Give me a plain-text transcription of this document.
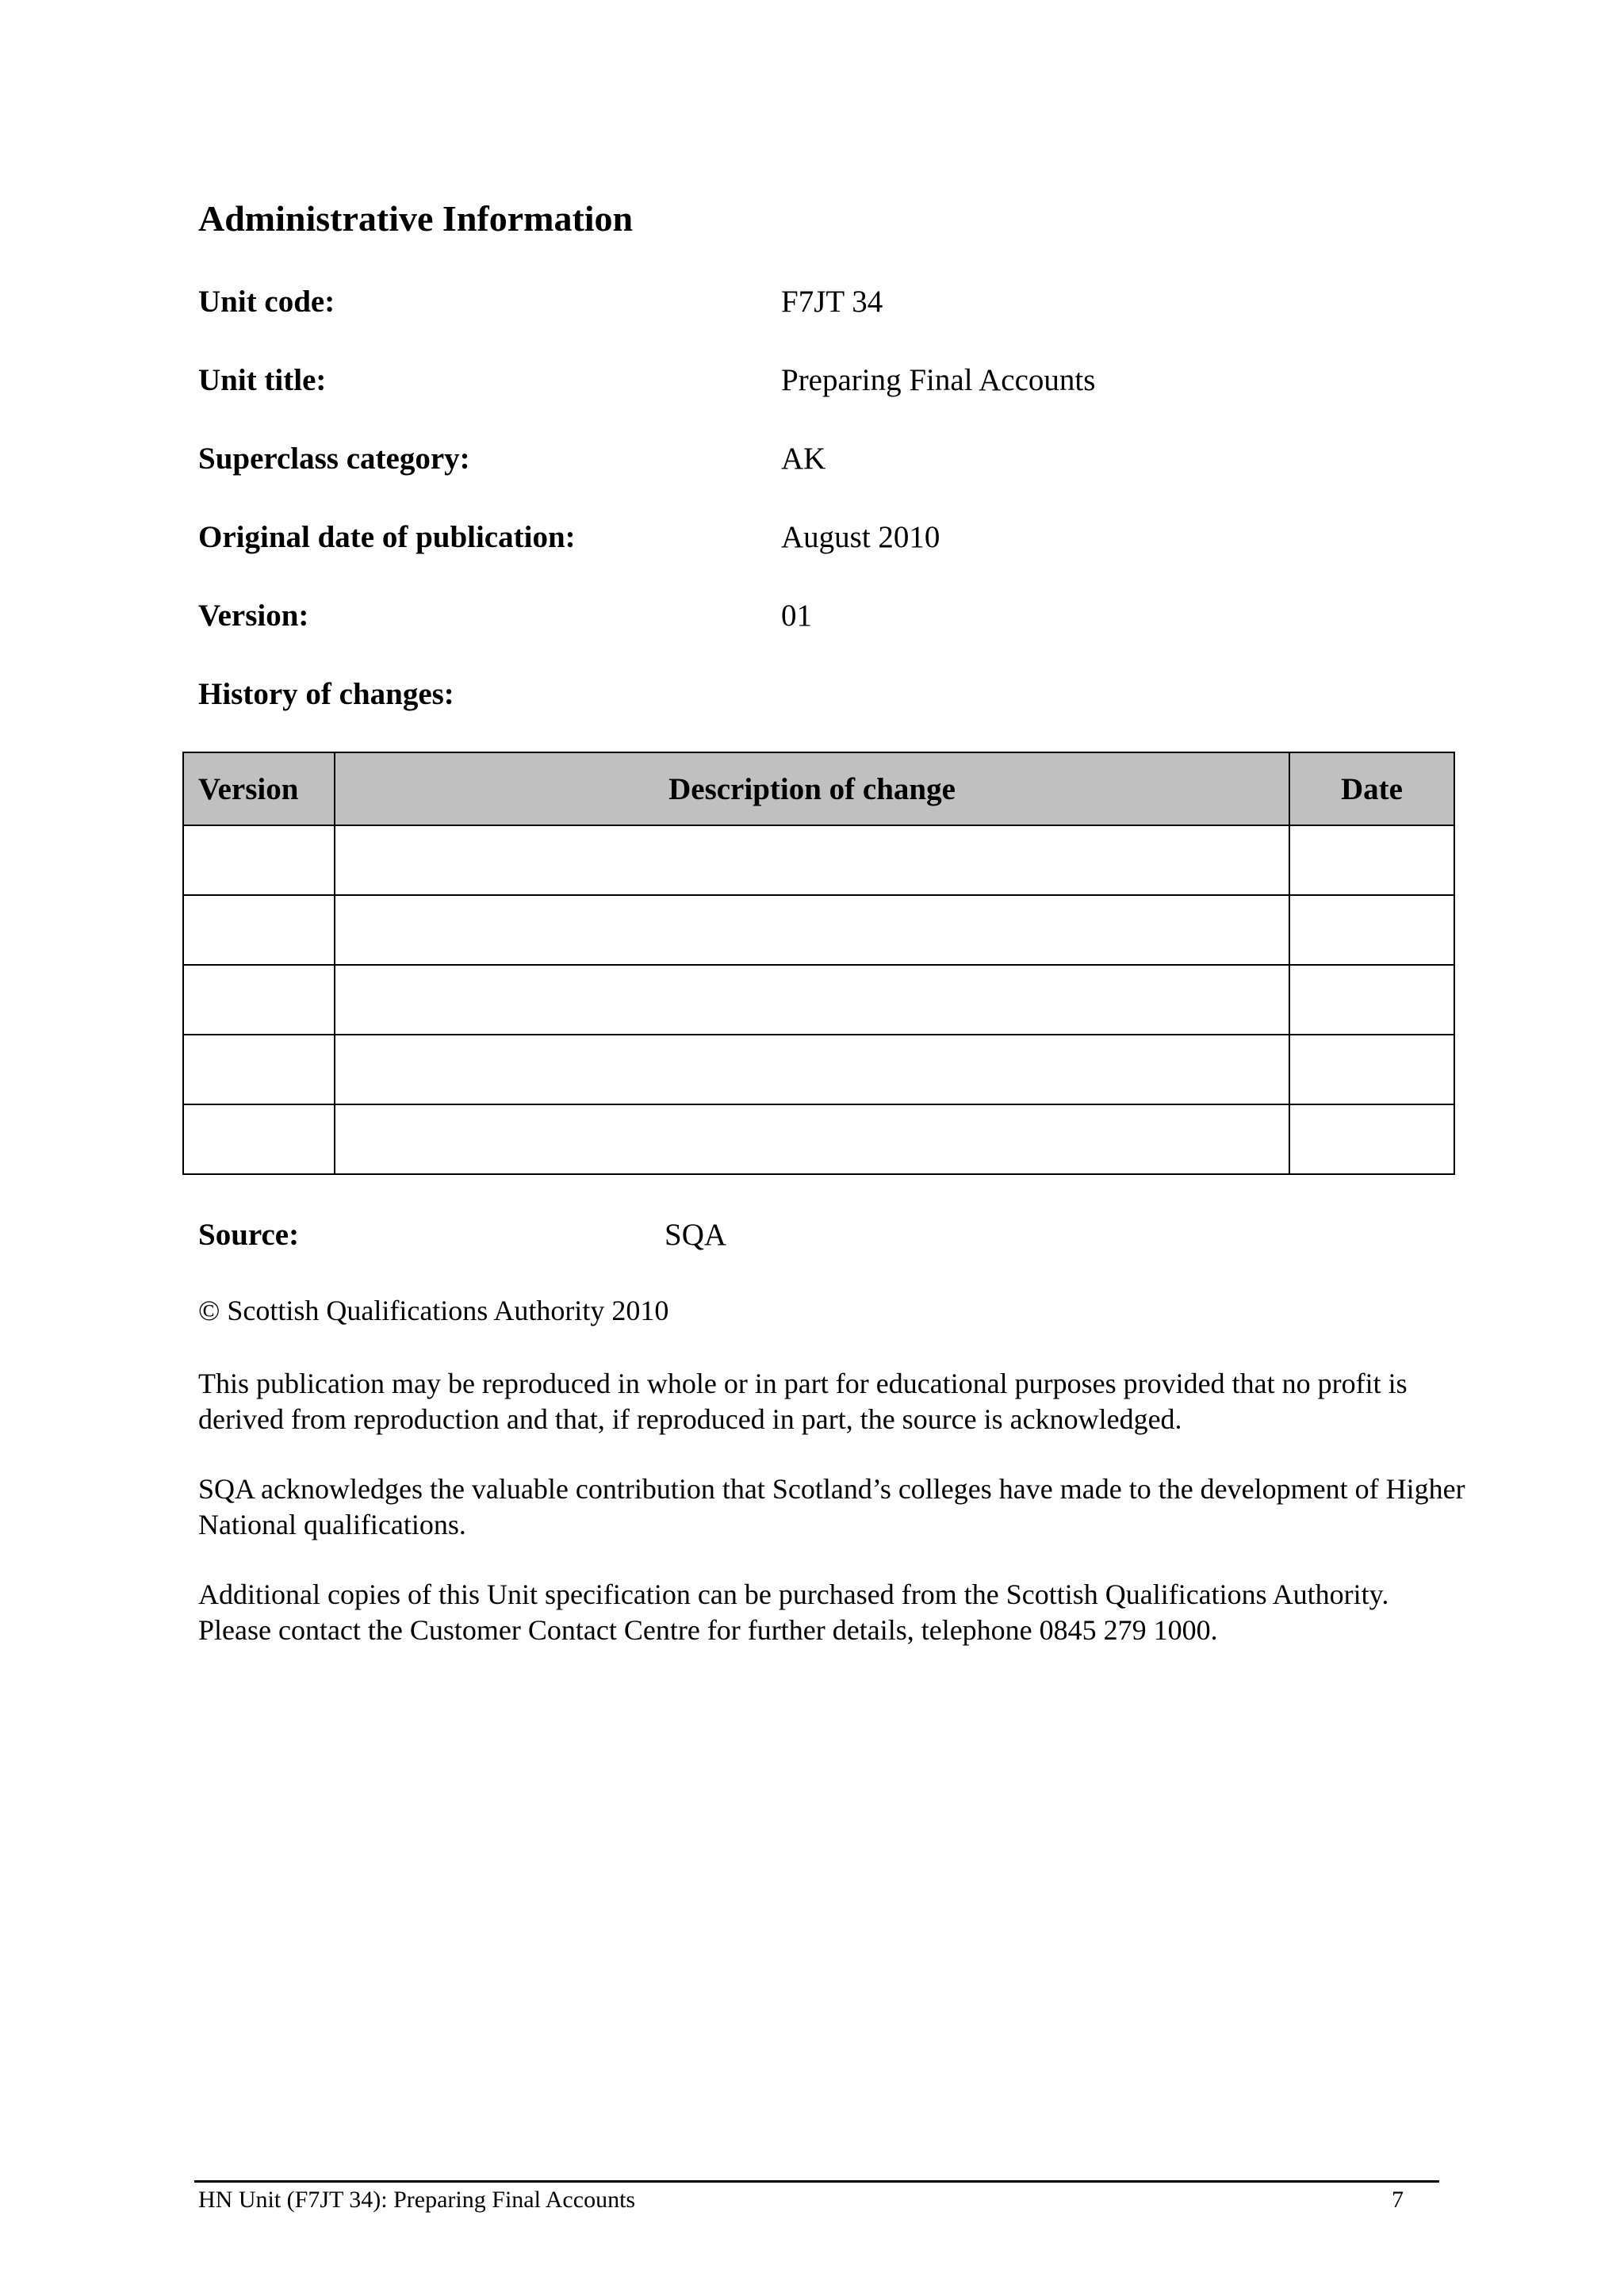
Administrative Information
Unit code:	F7JT 34
Unit title:	Preparing Final Accounts
Superclass category:	AK
Original date of publication:	August 2010
Version:	01
History of changes:
Version	Description of change	Date

Source:	SQA
© Scottish Qualifications Authority 2010

This publication may be reproduced in whole or in part for educational purposes provided that no profit is derived from reproduction and that, if reproduced in part, the source is acknowledged.

SQA acknowledges the valuable contribution that Scotland’s colleges have made to the development of Higher National qualifications.

Additional copies of this Unit specification can be purchased from the Scottish Qualifications Authority. Please contact the Customer Contact Centre for further details, telephone 0845 279 1000.

HN Unit (F7JT 34): Preparing Final Accounts	7
